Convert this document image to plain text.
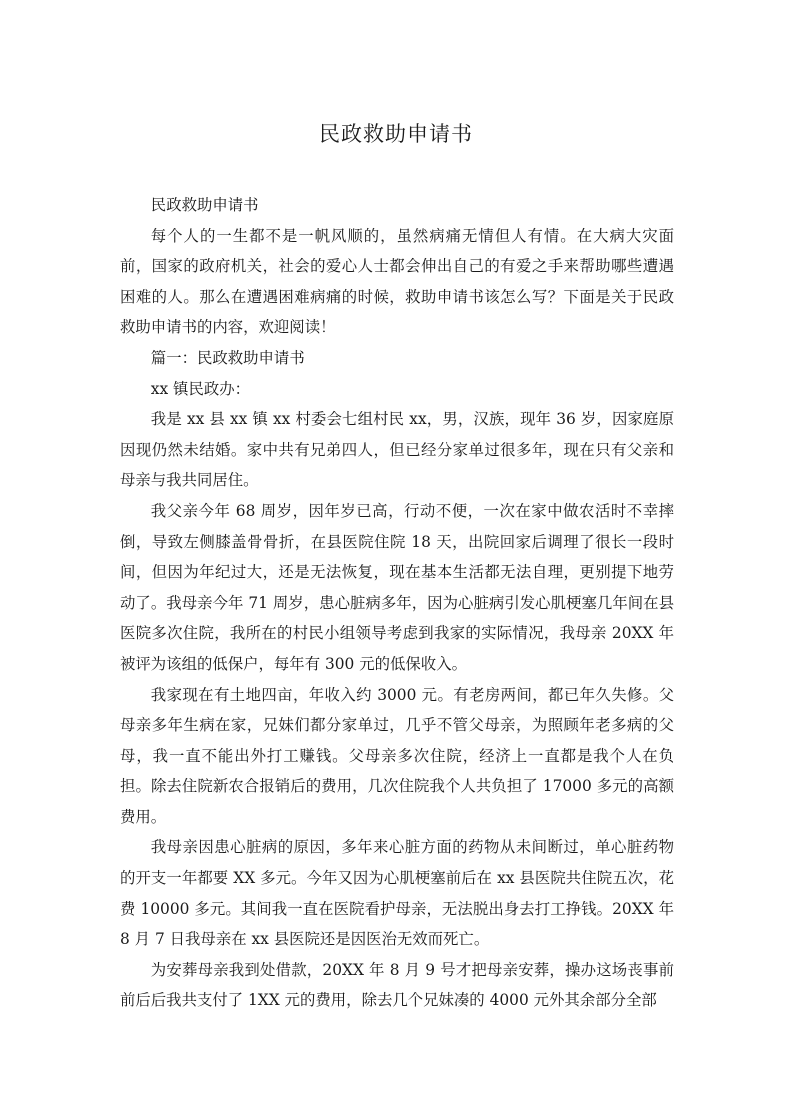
民政救助申请书

民政救助申请书

每个人的一生都不是一帆风顺的，虽然病痛无情但人有情。在大病大灾面前，国家的政府机关，社会的爱心人士都会伸出自己的有爱之手来帮助哪些遭遇困难的人。那么在遭遇困难病痛的时候，救助申请书该怎么写？下面是关于民政救助申请书的内容，欢迎阅读！

篇一：民政救助申请书

xx 镇民政办：

我是 xx 县 xx 镇 xx 村委会七组村民 xx，男，汉族，现年 36 岁，因家庭原因现仍然未结婚。家中共有兄弟四人，但已经分家单过很多年，现在只有父亲和母亲与我共同居住。

我父亲今年 68 周岁，因年岁已高，行动不便，一次在家中做农活时不幸摔倒，导致左侧膝盖骨骨折，在县医院住院 18 天，出院回家后调理了很长一段时间，但因为年纪过大，还是无法恢复，现在基本生活都无法自理，更别提下地劳动了。我母亲今年 71 周岁，患心脏病多年，因为心脏病引发心肌梗塞几年间在县医院多次住院，我所在的村民小组领导考虑到我家的实际情况，我母亲 20XX 年被评为该组的低保户，每年有 300 元的低保收入。

我家现在有土地四亩，年收入约 3000 元。有老房两间，都已年久失修。父母亲多年生病在家，兄妹们都分家单过，几乎不管父母亲，为照顾年老多病的父母，我一直不能出外打工赚钱。父母亲多次住院，经济上一直都是我个人在负担。除去住院新农合报销后的费用，几次住院我个人共负担了 17000 多元的高额费用。

我母亲因患心脏病的原因，多年来心脏方面的药物从未间断过，单心脏药物的开支一年都要 XX 多元。今年又因为心肌梗塞前后在 xx 县医院共住院五次，花费 10000 多元。其间我一直在医院看护母亲，无法脱出身去打工挣钱。20XX 年 8 月 7 日我母亲在 xx 县医院还是因医治无效而死亡。

为安葬母亲我到处借款，20XX 年 8 月 9 号才把母亲安葬，操办这场丧事前前后后我共支付了 1XX 元的费用，除去几个兄妹凑的 4000 元外其余部分全部
